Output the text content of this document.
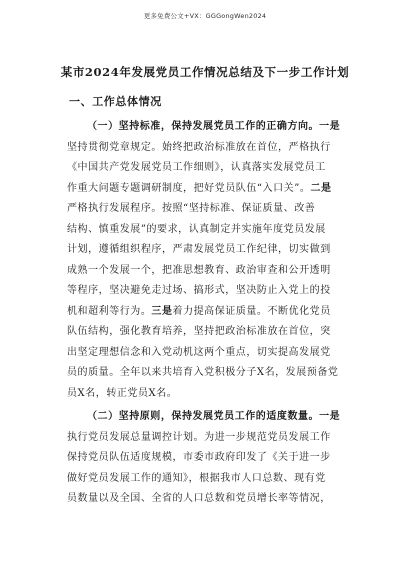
更多免费公文+VX：GGGongWen2024
某市2024年发展党员工作情况总结及下一步工作计划
一、工作总体情况
（一）坚持标准，保持发展党员工作的正确方向。一是
坚持贯彻党章规定。始终把政治标准放在首位，严格执行
《中国共产党发展党员工作细则》，认真落实发展党员工
作重大问题专题调研制度，把好党员队伍“入口关”。二是
严格执行发展程序。按照“坚持标准、保证质量、改善
结构、慎重发展”的要求，认真制定并实施年度党员发展
计划，遵循组织程序，严肃发展党员工作纪律，切实做到
成熟一个发展一个，把准思想教育、政治审查和公开透明
等程序，坚决避免走过场、搞形式，坚决防止入党上的投
机和超利等行为。三是着力提高保证质量。不断优化党员
队伍结构，强化教育培养，坚持把政治标准放在首位，突
出坚定理想信念和入党动机这两个重点，切实提高发展党
员的质量。全年以来共培育入党积极分子X名，发展预备党
员X名，转正党员X名。
（二）坚持原则，保持发展党员工作的适度数量。一是
执行党员发展总量调控计划。为进一步规范党员发展工作
保持党员队伍适度规模，市委市政府印发了《关于进一步
做好党员发展工作的通知》，根据我市人口总数、现有党
员数量以及全国、全省的人口总数和党员增长率等情况，
